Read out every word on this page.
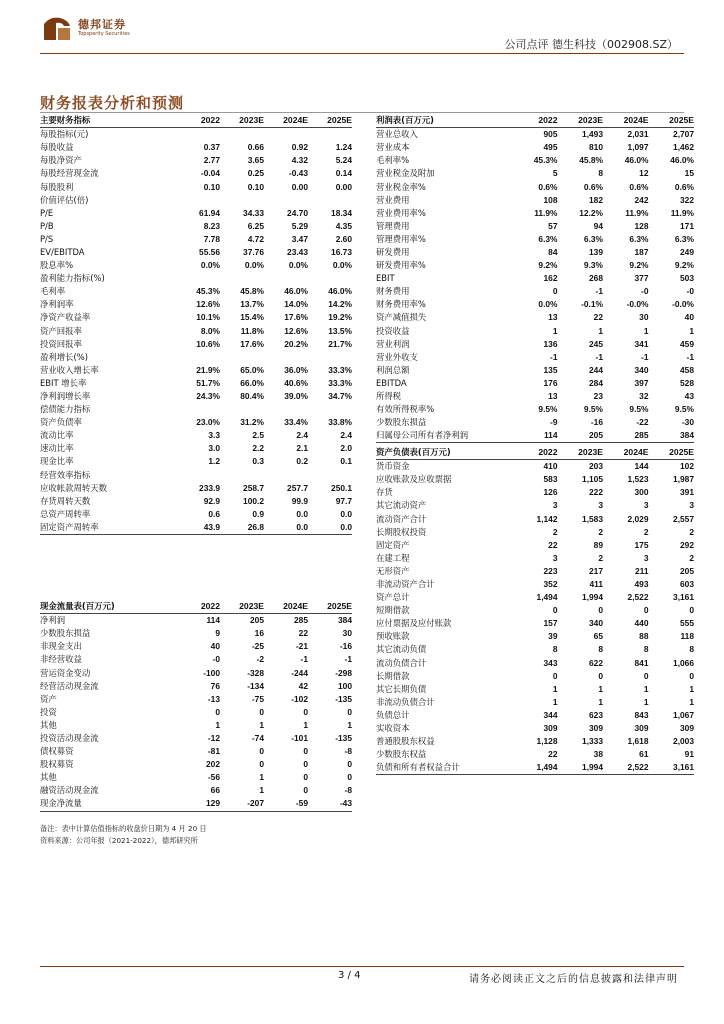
德邦证券
Topsperity Securities
公司点评 德生科技（002908.SZ）
财务报表分析和预测
主要财务指标	2022	2023E	2024E	2025E
每股指标(元)				
每股收益	0.37	0.66	0.92	1.24
每股净资产	2.77	3.65	4.32	5.24
每股经营现金流	-0.04	0.25	-0.43	0.14
每股股利	0.10	0.10	0.00	0.00
价值评估(倍)				
P/E	61.94	34.33	24.70	18.34
P/B	8.23	6.25	5.29	4.35
P/S	7.78	4.72	3.47	2.60
EV/EBITDA	55.56	37.76	23.43	16.73
股息率%	0.0%	0.0%	0.0%	0.0%
盈利能力指标(%)				
毛利率	45.3%	45.8%	46.0%	46.0%
净利润率	12.6%	13.7%	14.0%	14.2%
净资产收益率	10.1%	15.4%	17.6%	19.2%
资产回报率	8.0%	11.8%	12.6%	13.5%
投资回报率	10.6%	17.6%	20.2%	21.7%
盈利增长(%)				
营业收入增长率	21.9%	65.0%	36.0%	33.3%
EBIT 增长率	51.7%	66.0%	40.6%	33.3%
净利润增长率	24.3%	80.4%	39.0%	34.7%
偿债能力指标				
资产负债率	23.0%	31.2%	33.4%	33.8%
流动比率	3.3	2.5	2.4	2.4
速动比率	3.0	2.2	2.1	2.0
现金比率	1.2	0.3	0.2	0.1
经营效率指标				
应收帐款周转天数	233.9	258.7	257.7	250.1
存货周转天数	92.9	100.2	99.9	97.7
总资产周转率	0.6	0.9	0.0	0.0
固定资产周转率	43.9	26.8	0.0	0.0
利润表(百万元)	2022	2023E	2024E	2025E
营业总收入	905	1,493	2,031	2,707
营业成本	495	810	1,097	1,462
毛利率%	45.3%	45.8%	46.0%	46.0%
营业税金及附加	5	8	12	15
营业税金率%	0.6%	0.6%	0.6%	0.6%
营业费用	108	182	242	322
营业费用率%	11.9%	12.2%	11.9%	11.9%
管理费用	57	94	128	171
管理费用率%	6.3%	6.3%	6.3%	6.3%
研发费用	84	139	187	249
研发费用率%	9.2%	9.3%	9.2%	9.2%
EBIT	162	268	377	503
财务费用	0	-1	-0	-0
财务费用率%	0.0%	-0.1%	-0.0%	-0.0%
资产减值损失	13	22	30	40
投资收益	1	1	1	1
营业利润	136	245	341	459
营业外收支	-1	-1	-1	-1
利润总额	135	244	340	458
EBITDA	176	284	397	528
所得税	13	23	32	43
有效所得税率%	9.5%	9.5%	9.5%	9.5%
少数股东损益	-9	-16	-22	-30
归属母公司所有者净利润	114	205	285	384
资产负债表(百万元)	2022	2023E	2024E	2025E
货币资金	410	203	144	102
应收账款及应收票据	583	1,105	1,523	1,987
存货	126	222	300	391
其它流动资产	3	3	3	3
流动资产合计	1,142	1,583	2,029	2,557
长期股权投资	2	2	2	2
固定资产	22	89	175	292
在建工程	3	2	3	2
无形资产	223	217	211	205
非流动资产合计	352	411	493	603
资产总计	1,494	1,994	2,522	3,161
短期借款	0	0	0	0
应付票据及应付账款	157	340	440	555
预收账款	39	65	88	118
其它流动负债	8	8	8	8
流动负债合计	343	622	841	1,066
长期借款	0	0	0	0
其它长期负债	1	1	1	1
非流动负债合计	1	1	1	1
负债总计	344	623	843	1,067
实收资本	309	309	309	309
普通股股东权益	1,128	1,333	1,618	2,003
少数股东权益	22	38	61	91
负债和所有者权益合计	1,494	1,994	2,522	3,161
现金流量表(百万元)	2022	2023E	2024E	2025E
净利润	114	205	285	384
少数股东损益	9	16	22	30
非现金支出	40	-25	-21	-16
非经营收益	-0	-2	-1	-1
营运资金变动	-100	-328	-244	-298
经营活动现金流	76	-134	42	100
资产	-13	-75	-102	-135
投资	0	0	0	0
其他	1	1	1	1
投资活动现金流	-12	-74	-101	-135
债权募资	-81	0	0	-8
股权募资	202	0	0	0
其他	-56	1	0	0
融资活动现金流	66	1	0	-8
现金净流量	129	-207	-59	-43
备注：表中计算估值指标的收盘价日期为 4 月 20 日
资料来源：公司年报（2021-2022），德邦研究所
3 / 4	请务必阅读正文之后的信息披露和法律声明
